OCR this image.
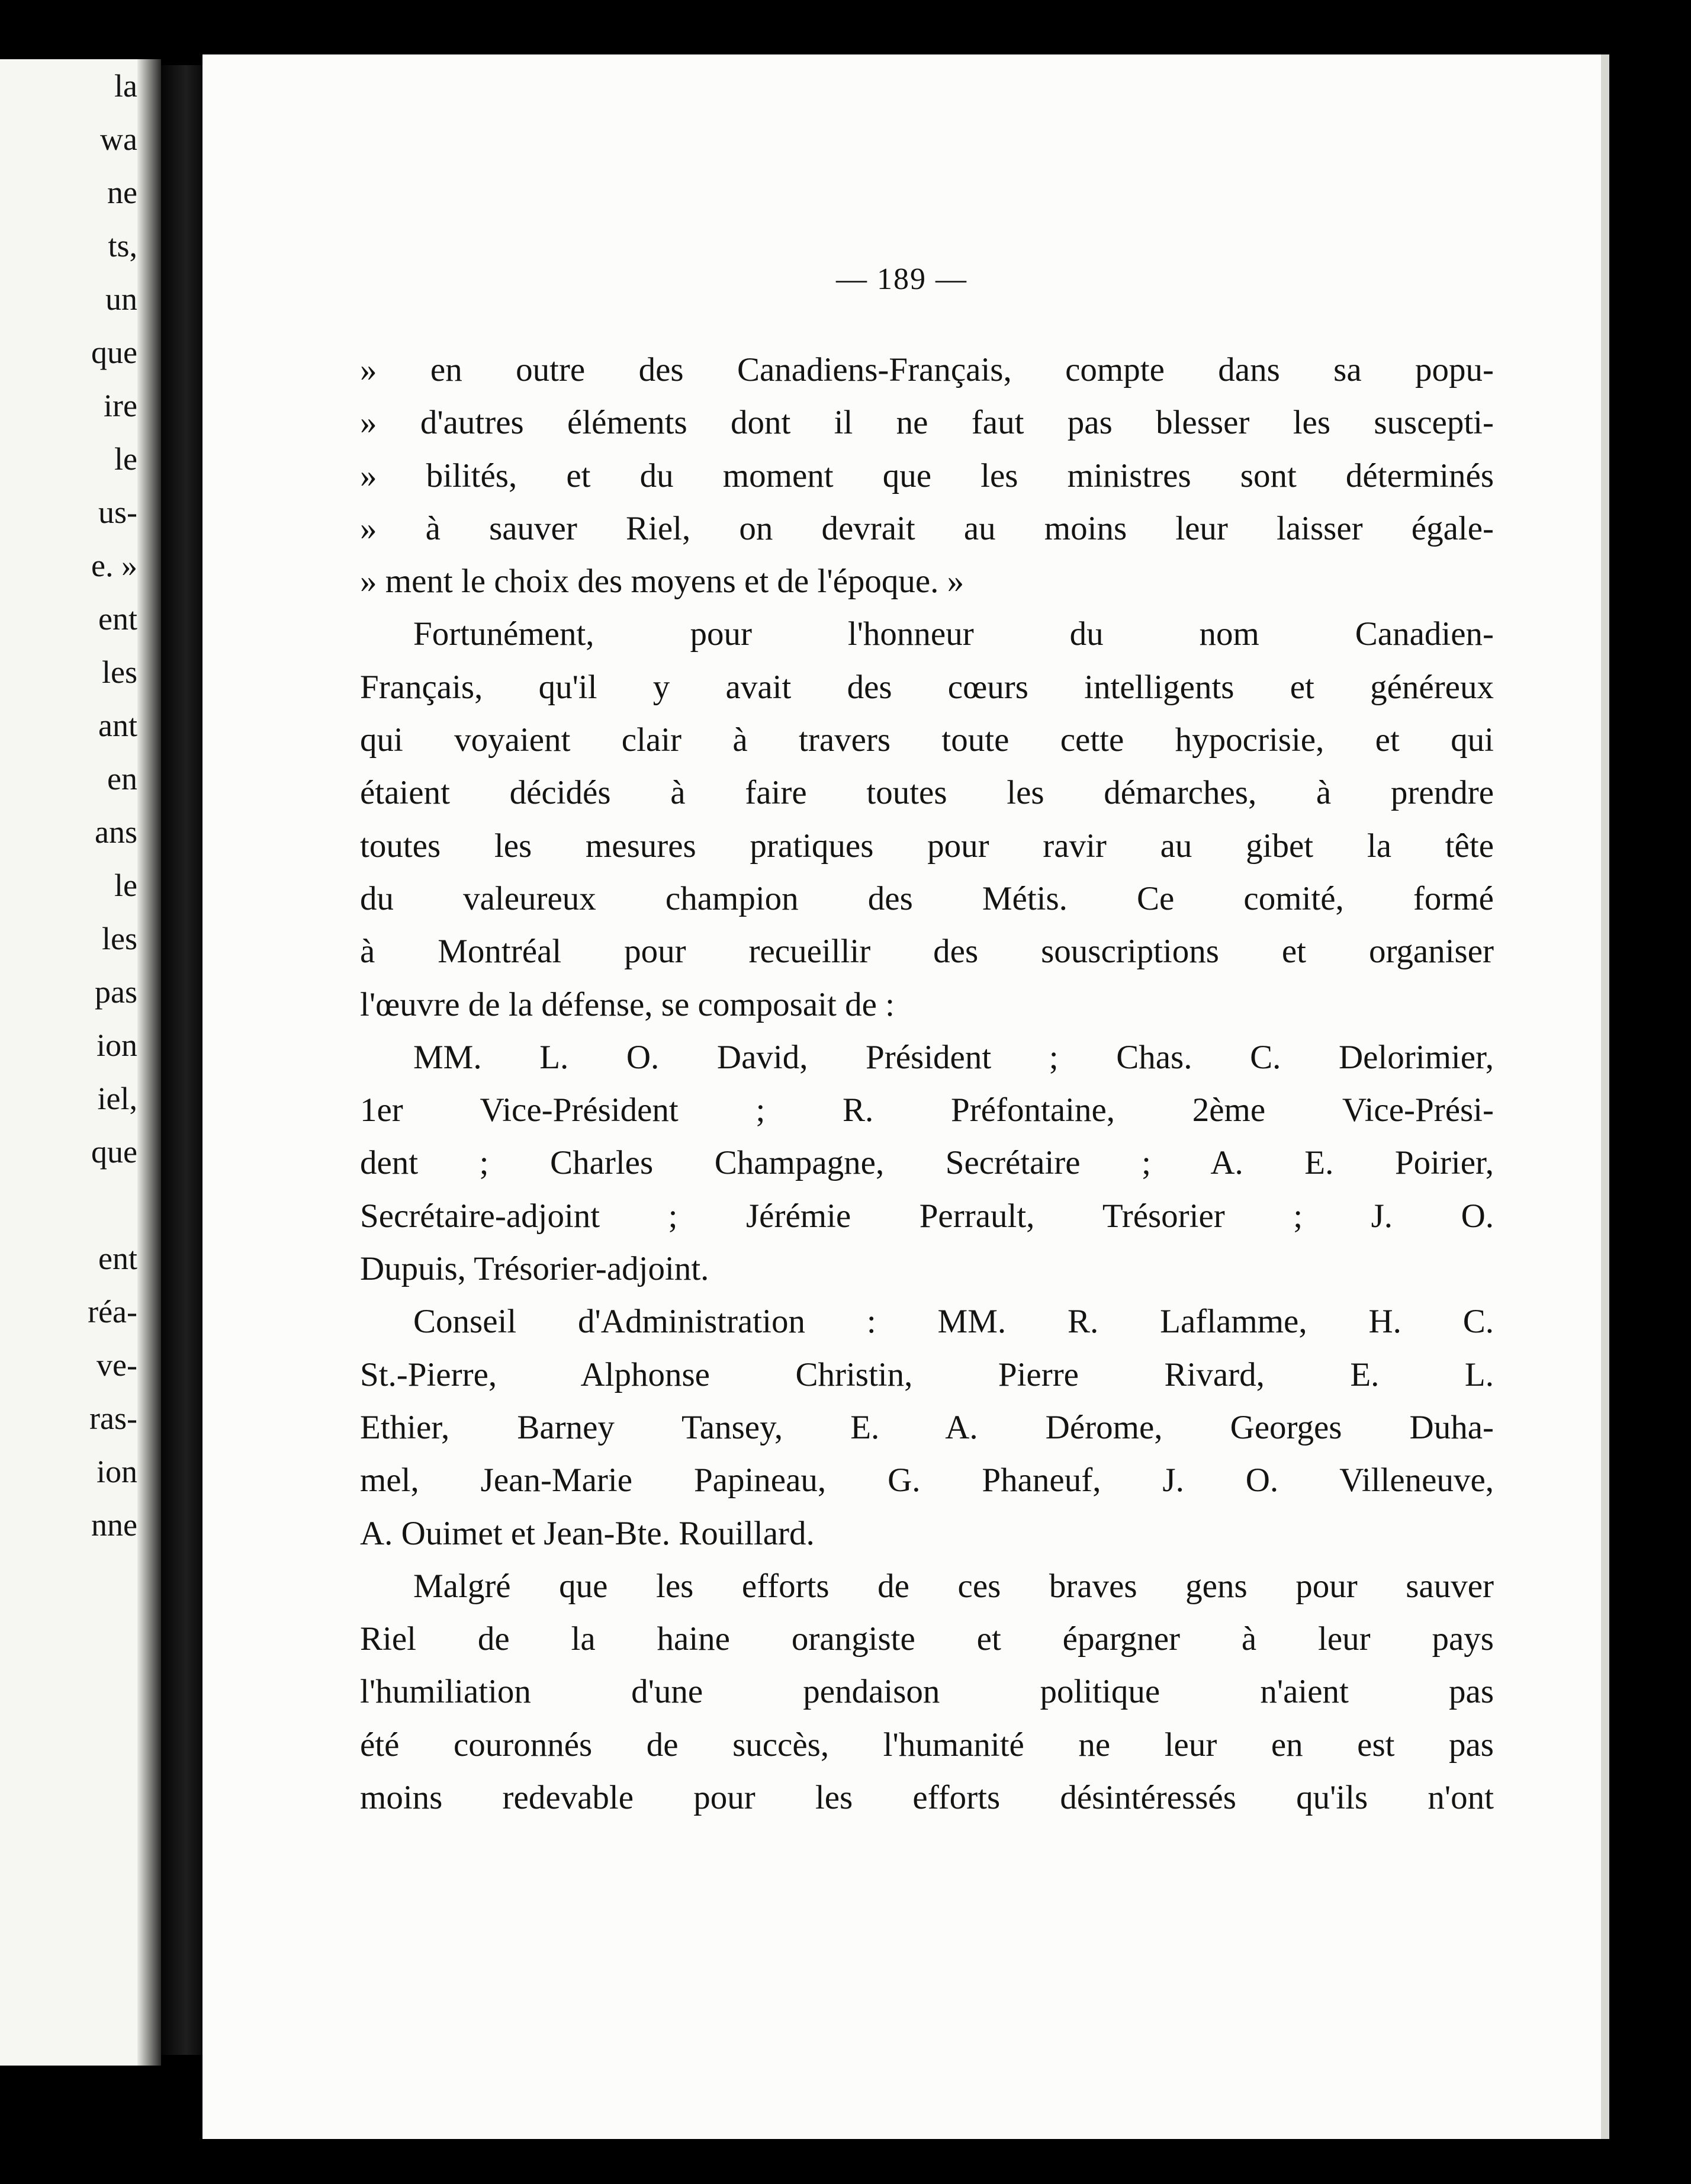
la
wa
ne
ts,
un
que
ire
le
us-
e. »
ent
les
ant
en
ans
le
les
pas
ion
iel,
que

ent
réa-
ve-
ras-
ion
nne
— 189 —
» en outre des Canadiens-Français, compte dans sa popu-
» d'autres éléments dont il ne faut pas blesser les suscepti-
» bilités, et du moment que les ministres sont déterminés
» à sauver Riel, on devrait au moins leur laisser égale-
» ment le choix des moyens et de l'époque. »
Fortunément, pour l'honneur du nom Canadien-
Français, qu'il y avait des cœurs intelligents et généreux
qui voyaient clair à travers toute cette hypocrisie, et qui
étaient décidés à faire toutes les démarches, à prendre
toutes les mesures pratiques pour ravir au gibet la tête
du valeureux champion des Métis. Ce comité, formé
à Montréal pour recueillir des souscriptions et organiser
l'œuvre de la défense, se composait de :
MM. L. O. David, Président ; Chas. C. Delorimier,
1er Vice-Président ; R. Préfontaine, 2ème Vice-Prési-
dent ; Charles Champagne, Secrétaire ; A. E. Poirier,
Secrétaire-adjoint ; Jérémie Perrault, Trésorier ; J. O.
Dupuis, Trésorier-adjoint.
Conseil d'Administration : MM. R. Laflamme, H. C.
St.-Pierre, Alphonse Christin, Pierre Rivard, E. L.
Ethier, Barney Tansey, E. A. Dérome, Georges Duha-
mel, Jean-Marie Papineau, G. Phaneuf, J. O. Villeneuve,
A. Ouimet et Jean-Bte. Rouillard.
Malgré que les efforts de ces braves gens pour sauver
Riel de la haine orangiste et épargner à leur pays
l'humiliation d'une pendaison politique n'aient pas
été couronnés de succès, l'humanité ne leur en est pas
moins redevable pour les efforts désintéressés qu'ils n'ont
